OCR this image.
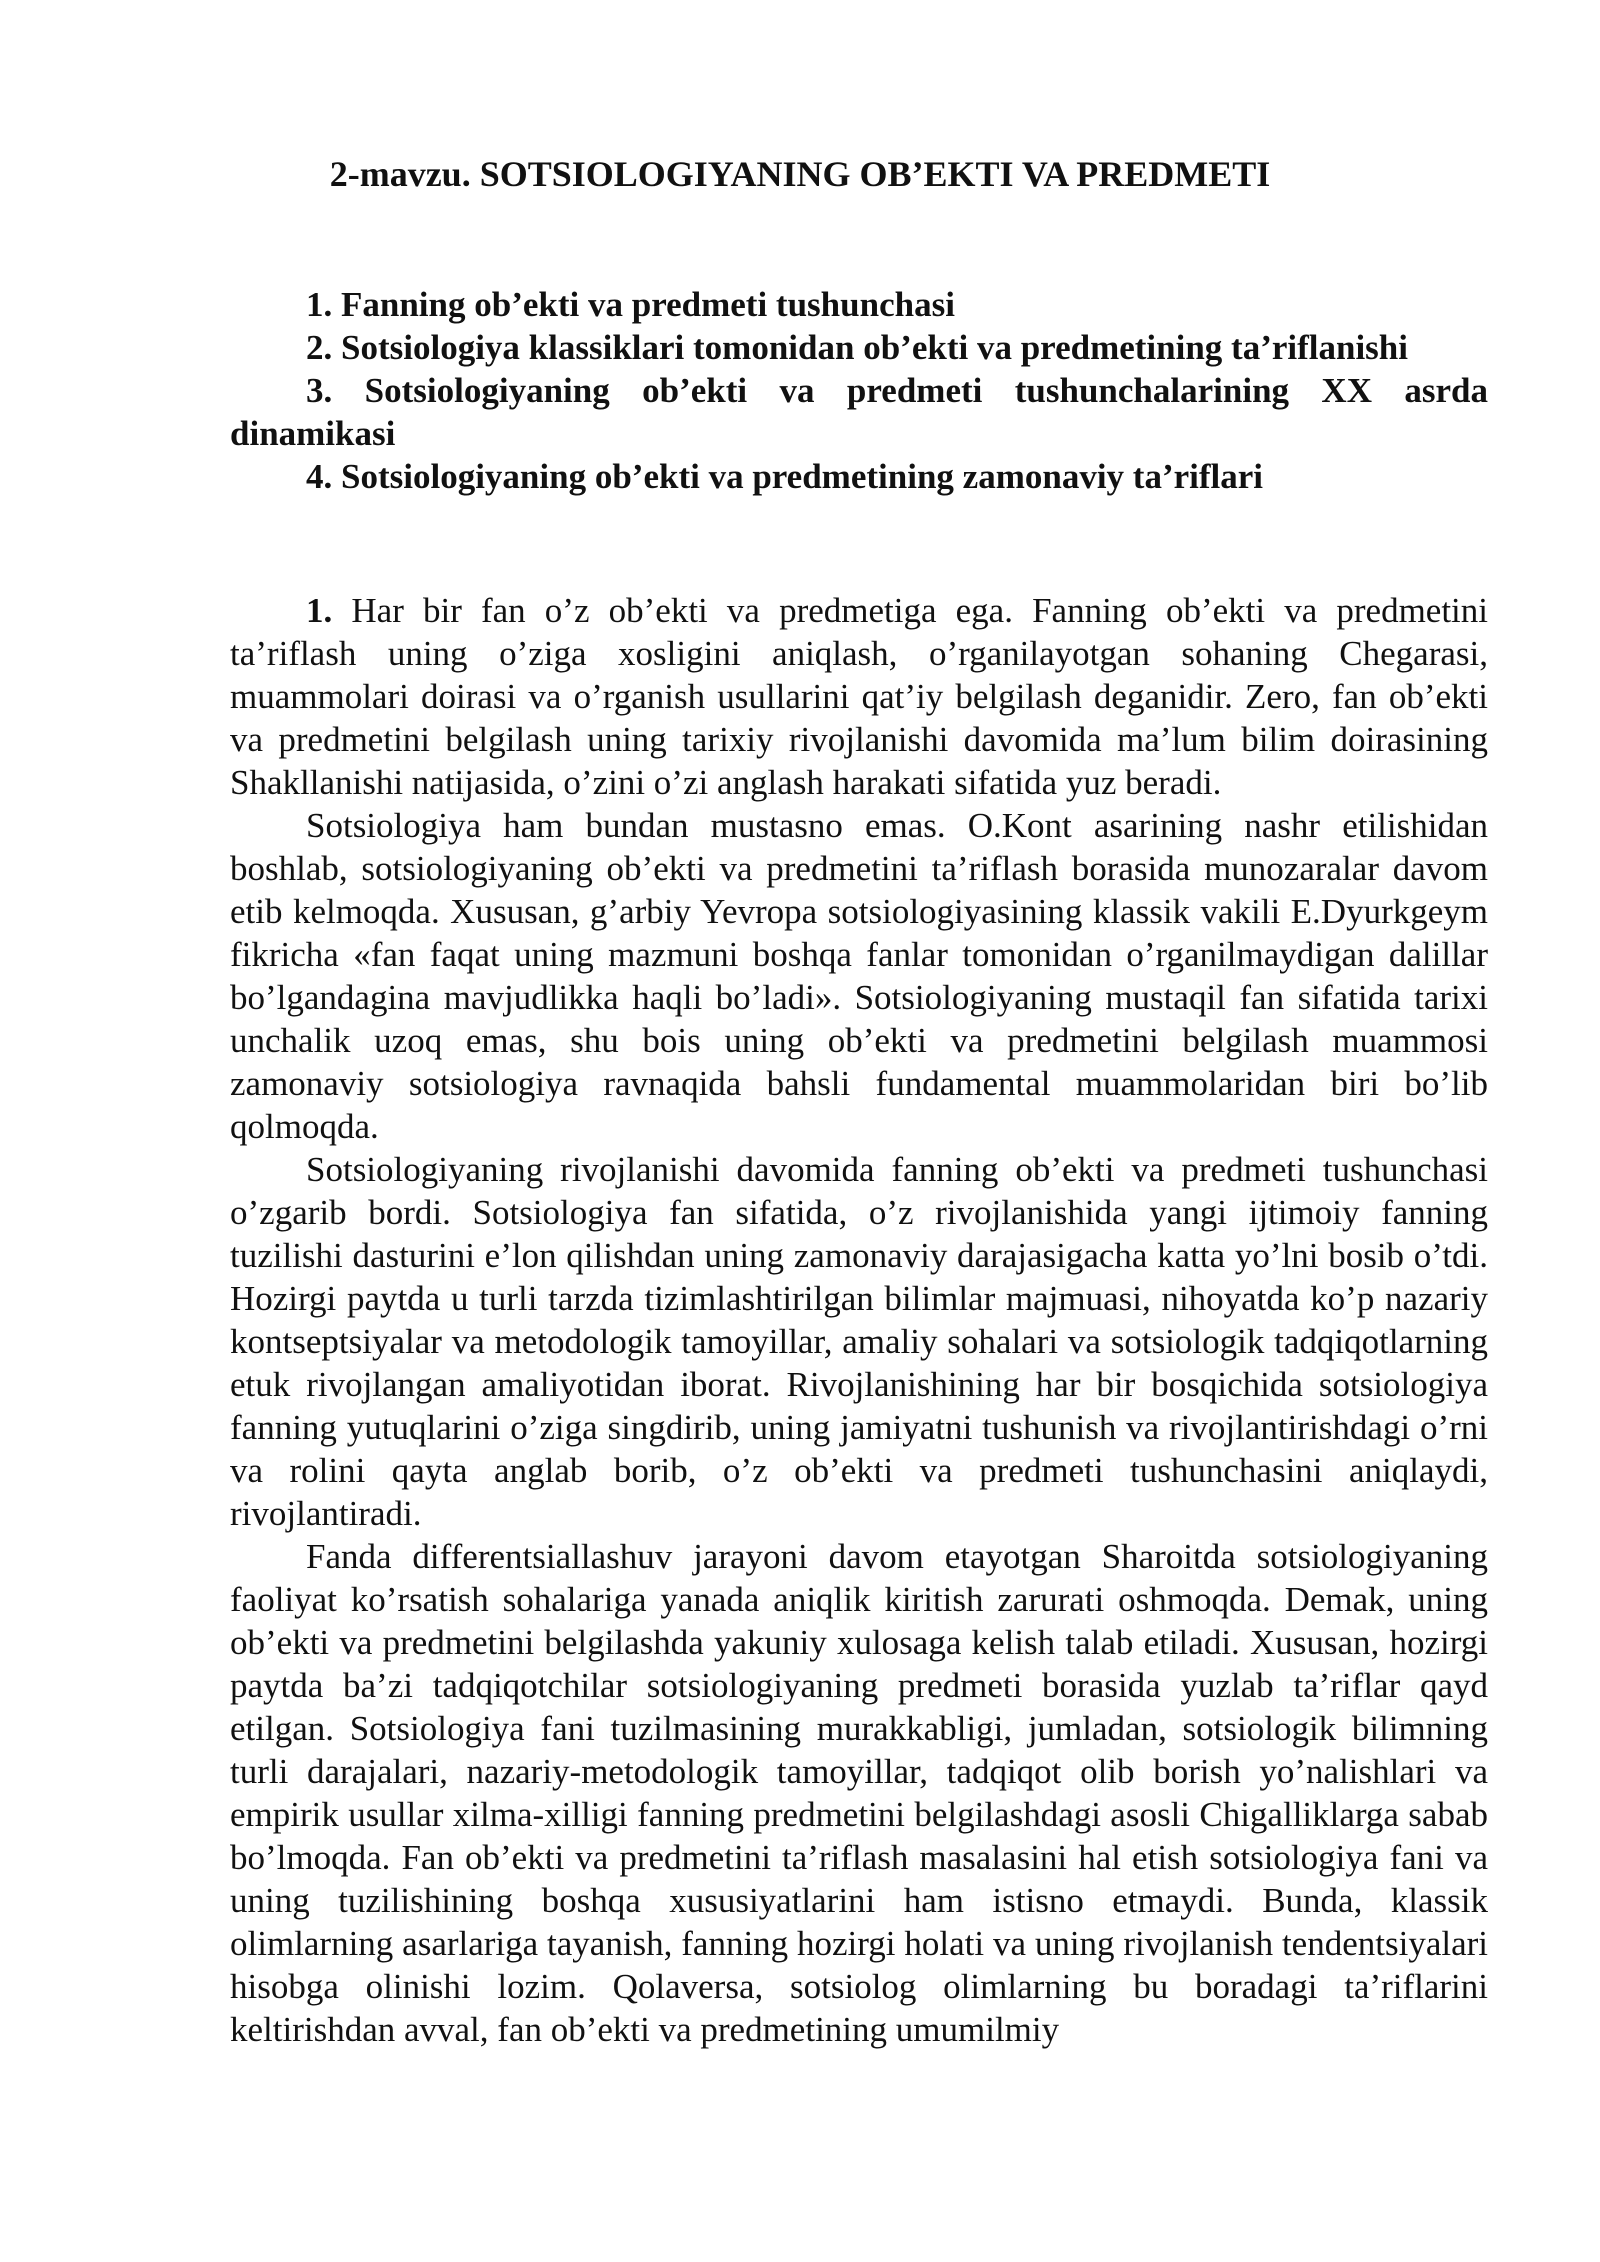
2-mavzu. SOTSIOLOGIYANING OB’EKTI VA PREDMETI
1. Fanning ob’ekti va predmeti tushunchasi
2. Sotsiologiya klassiklari tomonidan ob’ekti va predmetining ta’riflanishi
3. Sotsiologiyaning ob’ekti va predmeti tushunchalarining XX asrda dinamikasi
4. Sotsiologiyaning ob’ekti va predmetining zamonaviy ta’riflari

1. Har bir fan o’z ob’ekti va predmetiga ega. Fanning ob’ekti va predmetini ta’riflash uning o’ziga xosligini aniqlash, o’rganilayotgan sohaning Chegarasi, muammolari doirasi va o’rganish usullarini qat’iy belgilash deganidir. Zero, fan ob’ekti va predmetini belgilash uning tarixiy rivojlanishi davomida ma’lum bilim doirasining Shakllanishi natijasida, o’zini o’zi anglash harakati sifatida yuz beradi.

Sotsiologiya ham bundan mustasno emas. O.Kont asarining nashr etilishidan boshlab, sotsiologiyaning ob’ekti va predmetini ta’riflash borasida munozaralar davom etib kelmoqda. Xususan, g’arbiy Yevropa sotsiologiyasining klassik vakili E.Dyurkgeym fikricha «fan faqat uning mazmuni boshqa fanlar tomonidan o’rganilmaydigan dalillar bo’lgandagina mavjudlikka haqli bo’ladi». Sotsiologiyaning mustaqil fan sifatida tarixi unchalik uzoq emas, shu bois uning ob’ekti va predmetini belgilash muammosi zamonaviy sotsiologiya ravnaqida bahsli fundamental muammolaridan biri bo’lib qolmoqda.

Sotsiologiyaning rivojlanishi davomida fanning ob’ekti va predmeti tushunchasi o’zgarib bordi. Sotsiologiya fan sifatida, o’z rivojlanishida yangi ijtimoiy fanning tuzilishi dasturini e’lon qilishdan uning zamonaviy darajasigacha katta yo’lni bosib o’tdi. Hozirgi paytda u turli tarzda tizimlashtirilgan bilimlar majmuasi, nihoyatda ko’p nazariy kontseptsiyalar va metodologik tamoyillar, amaliy sohalari va sotsiologik tadqiqotlarning etuk rivojlangan amaliyotidan iborat. Rivojlanishining har bir bosqichida sotsiologiya fanning yutuqlarini o’ziga singdirib, uning jamiyatni tushunish va rivojlantirishdagi o’rni va rolini qayta anglab borib, o’z ob’ekti va predmeti tushunchasini aniqlaydi, rivojlantiradi.

Fanda differentsiallashuv jarayoni davom etayotgan Sharoitda sotsiologiyaning faoliyat ko’rsatish sohalariga yanada aniqlik kiritish zarurati oshmoqda. Demak, uning ob’ekti va predmetini belgilashda yakuniy xulosaga kelish talab etiladi. Xususan, hozirgi paytda ba’zi tadqiqotchilar sotsiologiyaning predmeti borasida yuzlab ta’riflar qayd etilgan. Sotsiologiya fani tuzilmasining murakkabligi, jumladan, sotsiologik bilimning turli darajalari, nazariy-metodologik tamoyillar, tadqiqot olib borish yo’nalishlari va empirik usullar xilma-xilligi fanning predmetini belgilashdagi asosli Chigalliklarga sabab bo’lmoqda. Fan ob’ekti va predmetini ta’riflash masalasini hal etish sotsiologiya fani va uning tuzilishining boshqa xususiyatlarini ham istisno etmaydi. Bunda, klassik olimlarning asarlariga tayanish, fanning hozirgi holati va uning rivojlanish tendentsiyalari hisobga olinishi lozim. Qolaversa, sotsiolog olimlarning bu boradagi ta’riflarini keltirishdan avval, fan ob’ekti va predmetining umumilmiy
